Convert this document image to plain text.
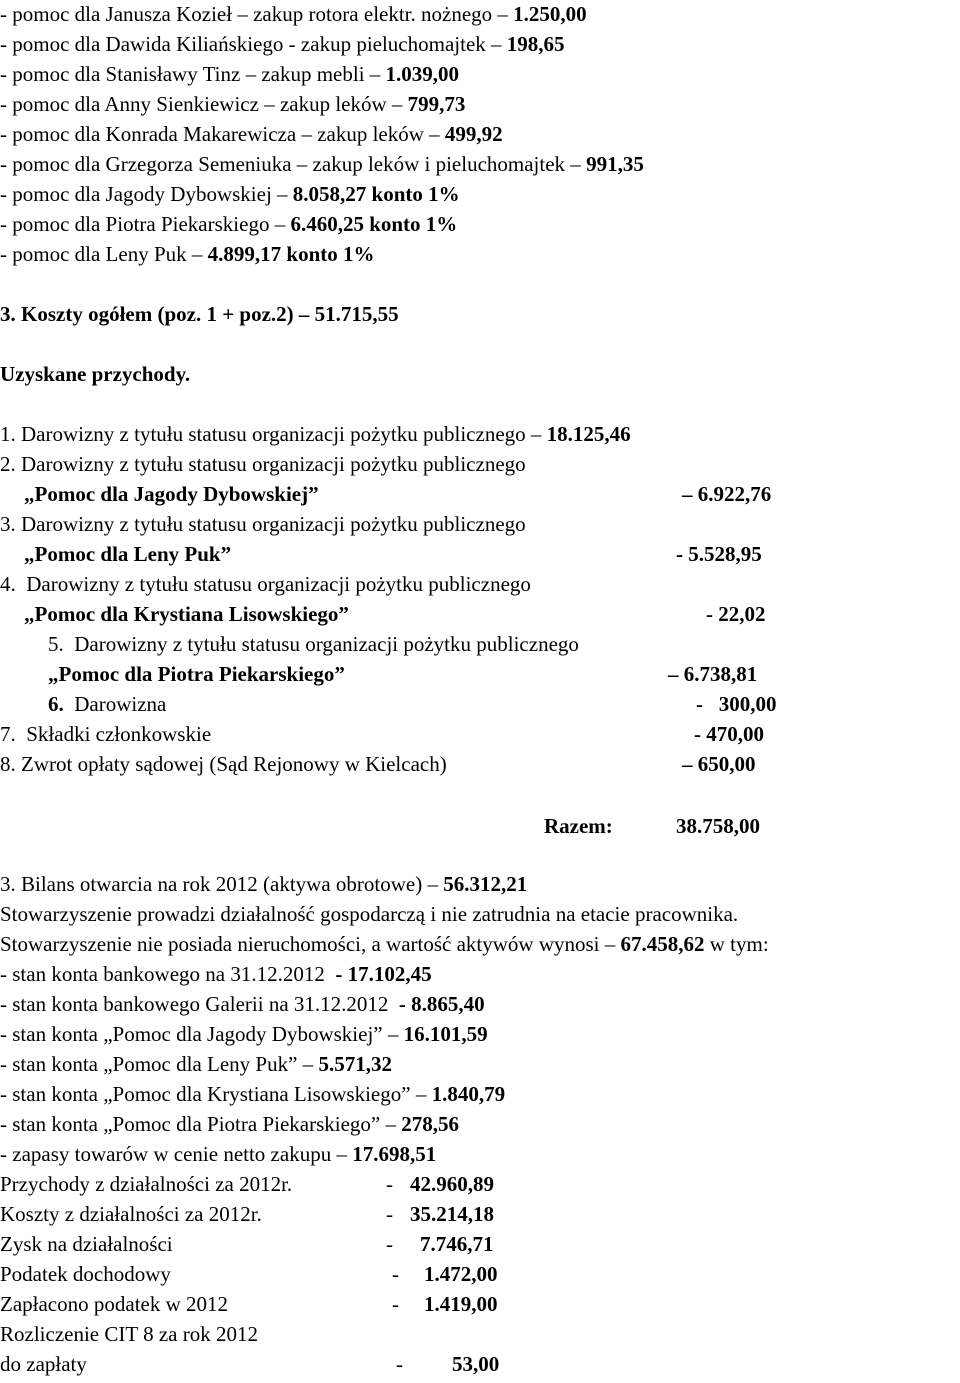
- pomoc dla Janusza Kozieł – zakup rotora elektr. nożnego – 1.250,00
- pomoc dla Dawida Kiliańskiego - zakup pieluchomajtek – 198,65
- pomoc dla Stanisławy Tinz – zakup mebli – 1.039,00
- pomoc dla Anny Sienkiewicz – zakup leków – 799,73
- pomoc dla Konrada Makarewicza – zakup leków – 499,92
- pomoc dla Grzegorza Semeniuka – zakup leków i pieluchomajtek – 991,35
- pomoc dla Jagody Dybowskiej – 8.058,27 konto 1%
- pomoc dla Piotra Piekarskiego – 6.460,25 konto 1%
- pomoc dla Leny Puk – 4.899,17 konto 1%
3. Koszty ogółem (poz. 1 + poz.2) – 51.715,55
Uzyskane przychody.
1. Darowizny z tytułu statusu organizacji pożytku publicznego – 18.125,46
2. Darowizny z tytułu statusu organizacji pożytku publicznego
„Pomoc dla Jagody Dybowskiej”	– 6.922,76
3. Darowizny z tytułu statusu organizacji pożytku publicznego
„Pomoc dla Leny Puk”	- 5.528,95
4. Darowizny z tytułu statusu organizacji pożytku publicznego
„Pomoc dla Krystiana Lisowskiego”	- 22,02
5. Darowizny z tytułu statusu organizacji pożytku publicznego
„Pomoc dla Piotra Piekarskiego”	– 6.738,81
6. Darowizna	-   300,00
7. Składki członkowskie	- 470,00
8. Zwrot opłaty sądowej (Sąd Rejonowy w Kielcach)	– 650,00
Razem:	38.758,00
3. Bilans otwarcia na rok 2012 (aktywa obrotowe) – 56.312,21
Stowarzyszenie prowadzi działalność gospodarczą i nie zatrudnia na etacie pracownika.
Stowarzyszenie nie posiada nieruchomości, a wartość aktywów wynosi – 67.458,62 w tym:
- stan konta bankowego na 31.12.2012  - 17.102,45
- stan konta bankowego Galerii na 31.12.2012  - 8.865,40
- stan konta „Pomoc dla Jagody Dybowskiej” – 16.101,59
- stan konta „Pomoc dla Leny Puk” – 5.571,32
- stan konta „Pomoc dla Krystiana Lisowskiego” – 1.840,79
- stan konta „Pomoc dla Piotra Piekarskiego” – 278,56
- zapasy towarów w cenie netto zakupu – 17.698,51
Przychody z działalności za 2012r.	- 42.960,89
Koszty z działalności za 2012r.	- 35.214,18
Zysk na działalności	- 7.746,71
Podatek dochodowy	- 1.472,00
Zapłacono podatek w 2012	- 1.419,00
Rozliczenie CIT 8 za rok 2012
do zapłaty	- 53,00
